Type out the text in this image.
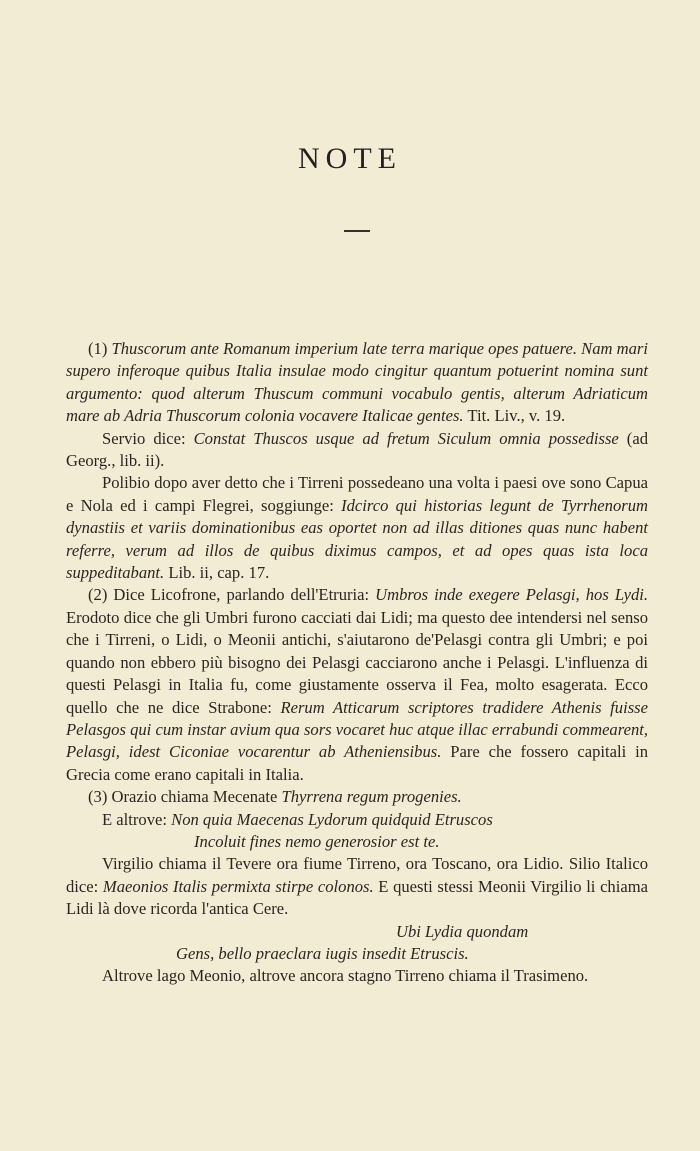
NOTE

(1) Thuscorum ante Romanum imperium late terra marique opes patuere. Nam mari supero inferoque quibus Italia insulae modo cingitur quantum potuerint nomina sunt argumento: quod alterum Thuscum communi vocabulo gentis, alterum Adriaticum mare ab Adria Thuscorum colonia vocavere Italicae gentes. Tit. Liv., v. 19.

Servio dice: Constat Thuscos usque ad fretum Siculum omnia possedisse (ad Georg., lib. ii).

Polibio dopo aver detto che i Tirreni possedeano una volta i paesi ove sono Capua e Nola ed i campi Flegrei, soggiunge: Idcirco qui historias legunt de Tyrrhenorum dynastiis et variis dominationibus eas oportet non ad illas ditiones quas nunc habent referre, verum ad illos de quibus diximus campos, et ad opes quas ista loca suppeditabant. Lib. ii, cap. 17.

(2) Dice Licofrone, parlando dell'Etruria: Umbros inde exegere Pelasgi, hos Lydi. Erodoto dice che gli Umbri furono cacciati dai Lidi; ma questo dee intendersi nel senso che i Tirreni, o Lidi, o Meonii antichi, s'aiutarono de'Pelasgi contra gli Umbri; e poi quando non ebbero più bisogno dei Pelasgi cacciarono anche i Pelasgi. L'influenza di questi Pelasgi in Italia fu, come giustamente osserva il Fea, molto esagerata. Ecco quello che ne dice Strabone: Rerum Atticarum scriptores tradidere Athenis fuisse Pelasgos qui cum instar avium qua sors vocaret huc atque illac errabundi commearent, Pelasgi, idest Ciconiae vocarentur ab Atheniensibus. Pare che fossero capitali in Grecia come erano capitali in Italia.

(3) Orazio chiama Mecenate Thyrrena regum progenies.

E altrove: Non quia Maecenas Lydorum quidquid Etruscos

Incoluit fines nemo generosior est te.

Virgilio chiama il Tevere ora fiume Tirreno, ora Toscano, ora Lidio. Silio Italico dice: Maeonios Italis permixta stirpe colonos. E questi stessi Meonii Virgilio li chiama Lidi là dove ricorda l'antica Cere.

Ubi Lydia quondam

Gens, bello praeclara iugis insedit Etruscis.

Altrove lago Meonio, altrove ancora stagno Tirreno chiama il Trasimeno.
